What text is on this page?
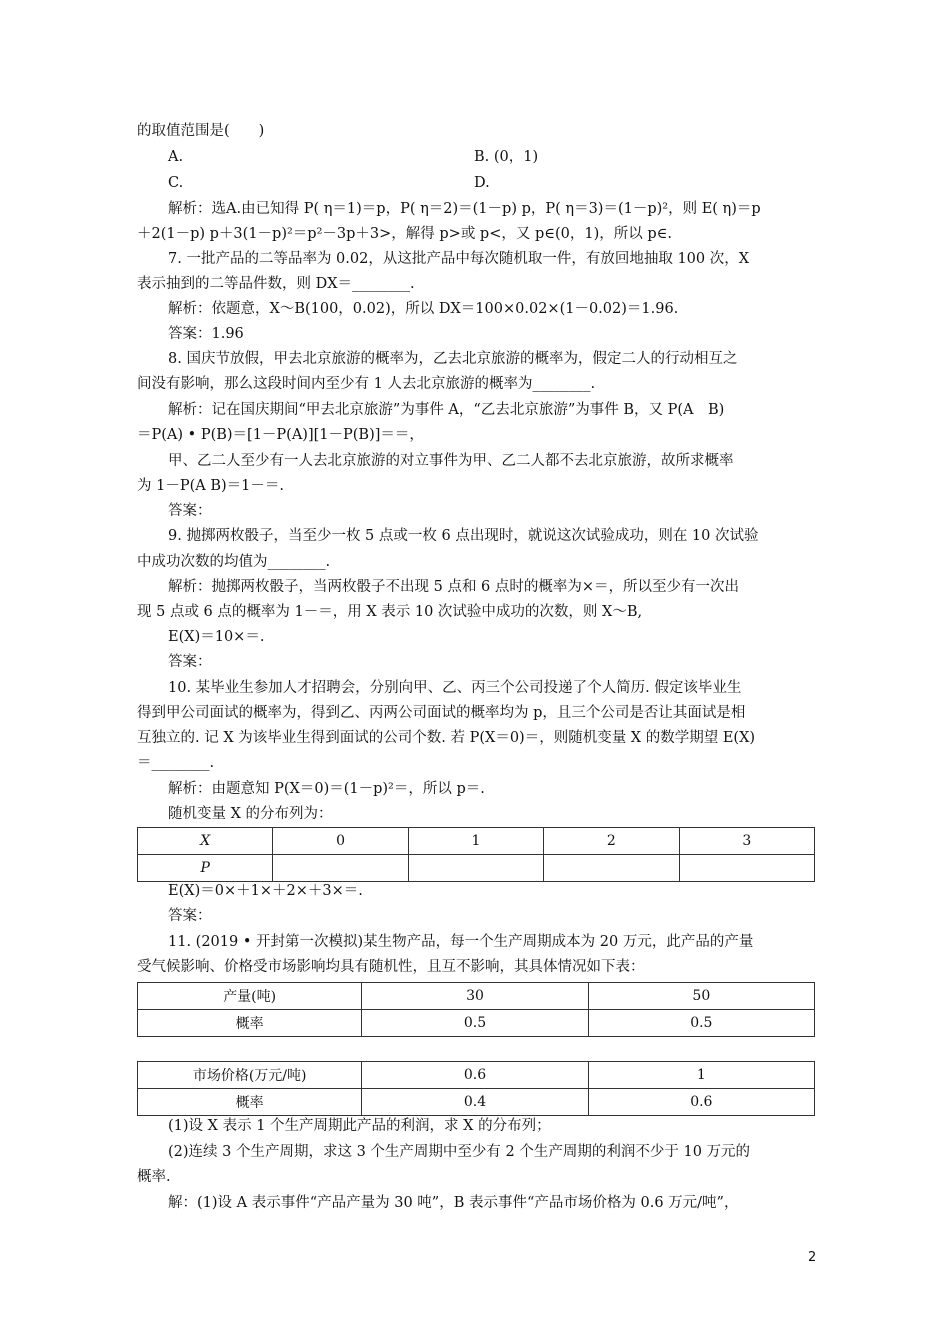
的取值范围是(　　)
A.	B. (0，1)
C.	D.
解析：选A.由已知得 P( η＝1)＝p，P( η＝2)＝(1－p) p，P( η＝3)＝(1－p)²，则 E( η)＝p
＋2(1－p) p＋3(1－p)²＝p²－3p＋3>，解得 p>或 p<，又 p∈(0，1)，所以 p∈.
7. 一批产品的二等品率为 0.02，从这批产品中每次随机取一件，有放回地抽取 100 次，X
表示抽到的二等品件数，则 DX＝________.
解析：依题意，X～B(100，0.02)，所以 DX＝100×0.02×(1－0.02)＝1.96.
答案：1.96
8. 国庆节放假，甲去北京旅游的概率为，乙去北京旅游的概率为，假定二人的行动相互之
间没有影响，那么这段时间内至少有 1 人去北京旅游的概率为________.
解析：记在国庆期间“甲去北京旅游”为事件 A，“乙去北京旅游”为事件 B，又 P(A　B)
＝P(A) • P(B)＝[1－P(A)][1－P(B)]＝＝，
甲、乙二人至少有一人去北京旅游的对立事件为甲、乙二人都不去北京旅游，故所求概率
为 1－P(A B)＝1－＝.
答案：
9. 抛掷两枚骰子，当至少一枚 5 点或一枚 6 点出现时，就说这次试验成功，则在 10 次试验
中成功次数的均值为________.
解析：抛掷两枚骰子，当两枚骰子不出现 5 点和 6 点时的概率为×＝，所以至少有一次出
现 5 点或 6 点的概率为 1－＝，用 X 表示 10 次试验中成功的次数，则 X～B,
E(X)＝10×＝.
答案：
10. 某毕业生参加人才招聘会，分别向甲、乙、丙三个公司投递了个人简历. 假定该毕业生
得到甲公司面试的概率为，得到乙、丙两公司面试的概率均为 p，且三个公司是否让其面试是相
互独立的. 记 X 为该毕业生得到面试的公司个数. 若 P(X＝0)＝，则随机变量 X 的数学期望 E(X)
＝________.
解析：由题意知 P(X＝0)＝(1－p)²＝，所以 p＝.
随机变量 X 的分布列为：
X	0	1	2	3
P				
E(X)＝0×＋1×＋2×＋3×＝.
答案：
11. (2019 • 开封第一次模拟)某生物产品，每一个生产周期成本为 20 万元，此产品的产量
受气候影响、价格受市场影响均具有随机性，且互不影响，其具体情况如下表：
产量(吨)	30	50
概率	0.5	0.5
市场价格(万元/吨)	0.6	1
概率	0.4	0.6
(1)设 X 表示 1 个生产周期此产品的利润，求 X 的分布列；
(2)连续 3 个生产周期，求这 3 个生产周期中至少有 2 个生产周期的利润不少于 10 万元的
概率.
解：(1)设 A 表示事件“产品产量为 30 吨”，B 表示事件“产品市场价格为 0.6 万元/吨”，
2
